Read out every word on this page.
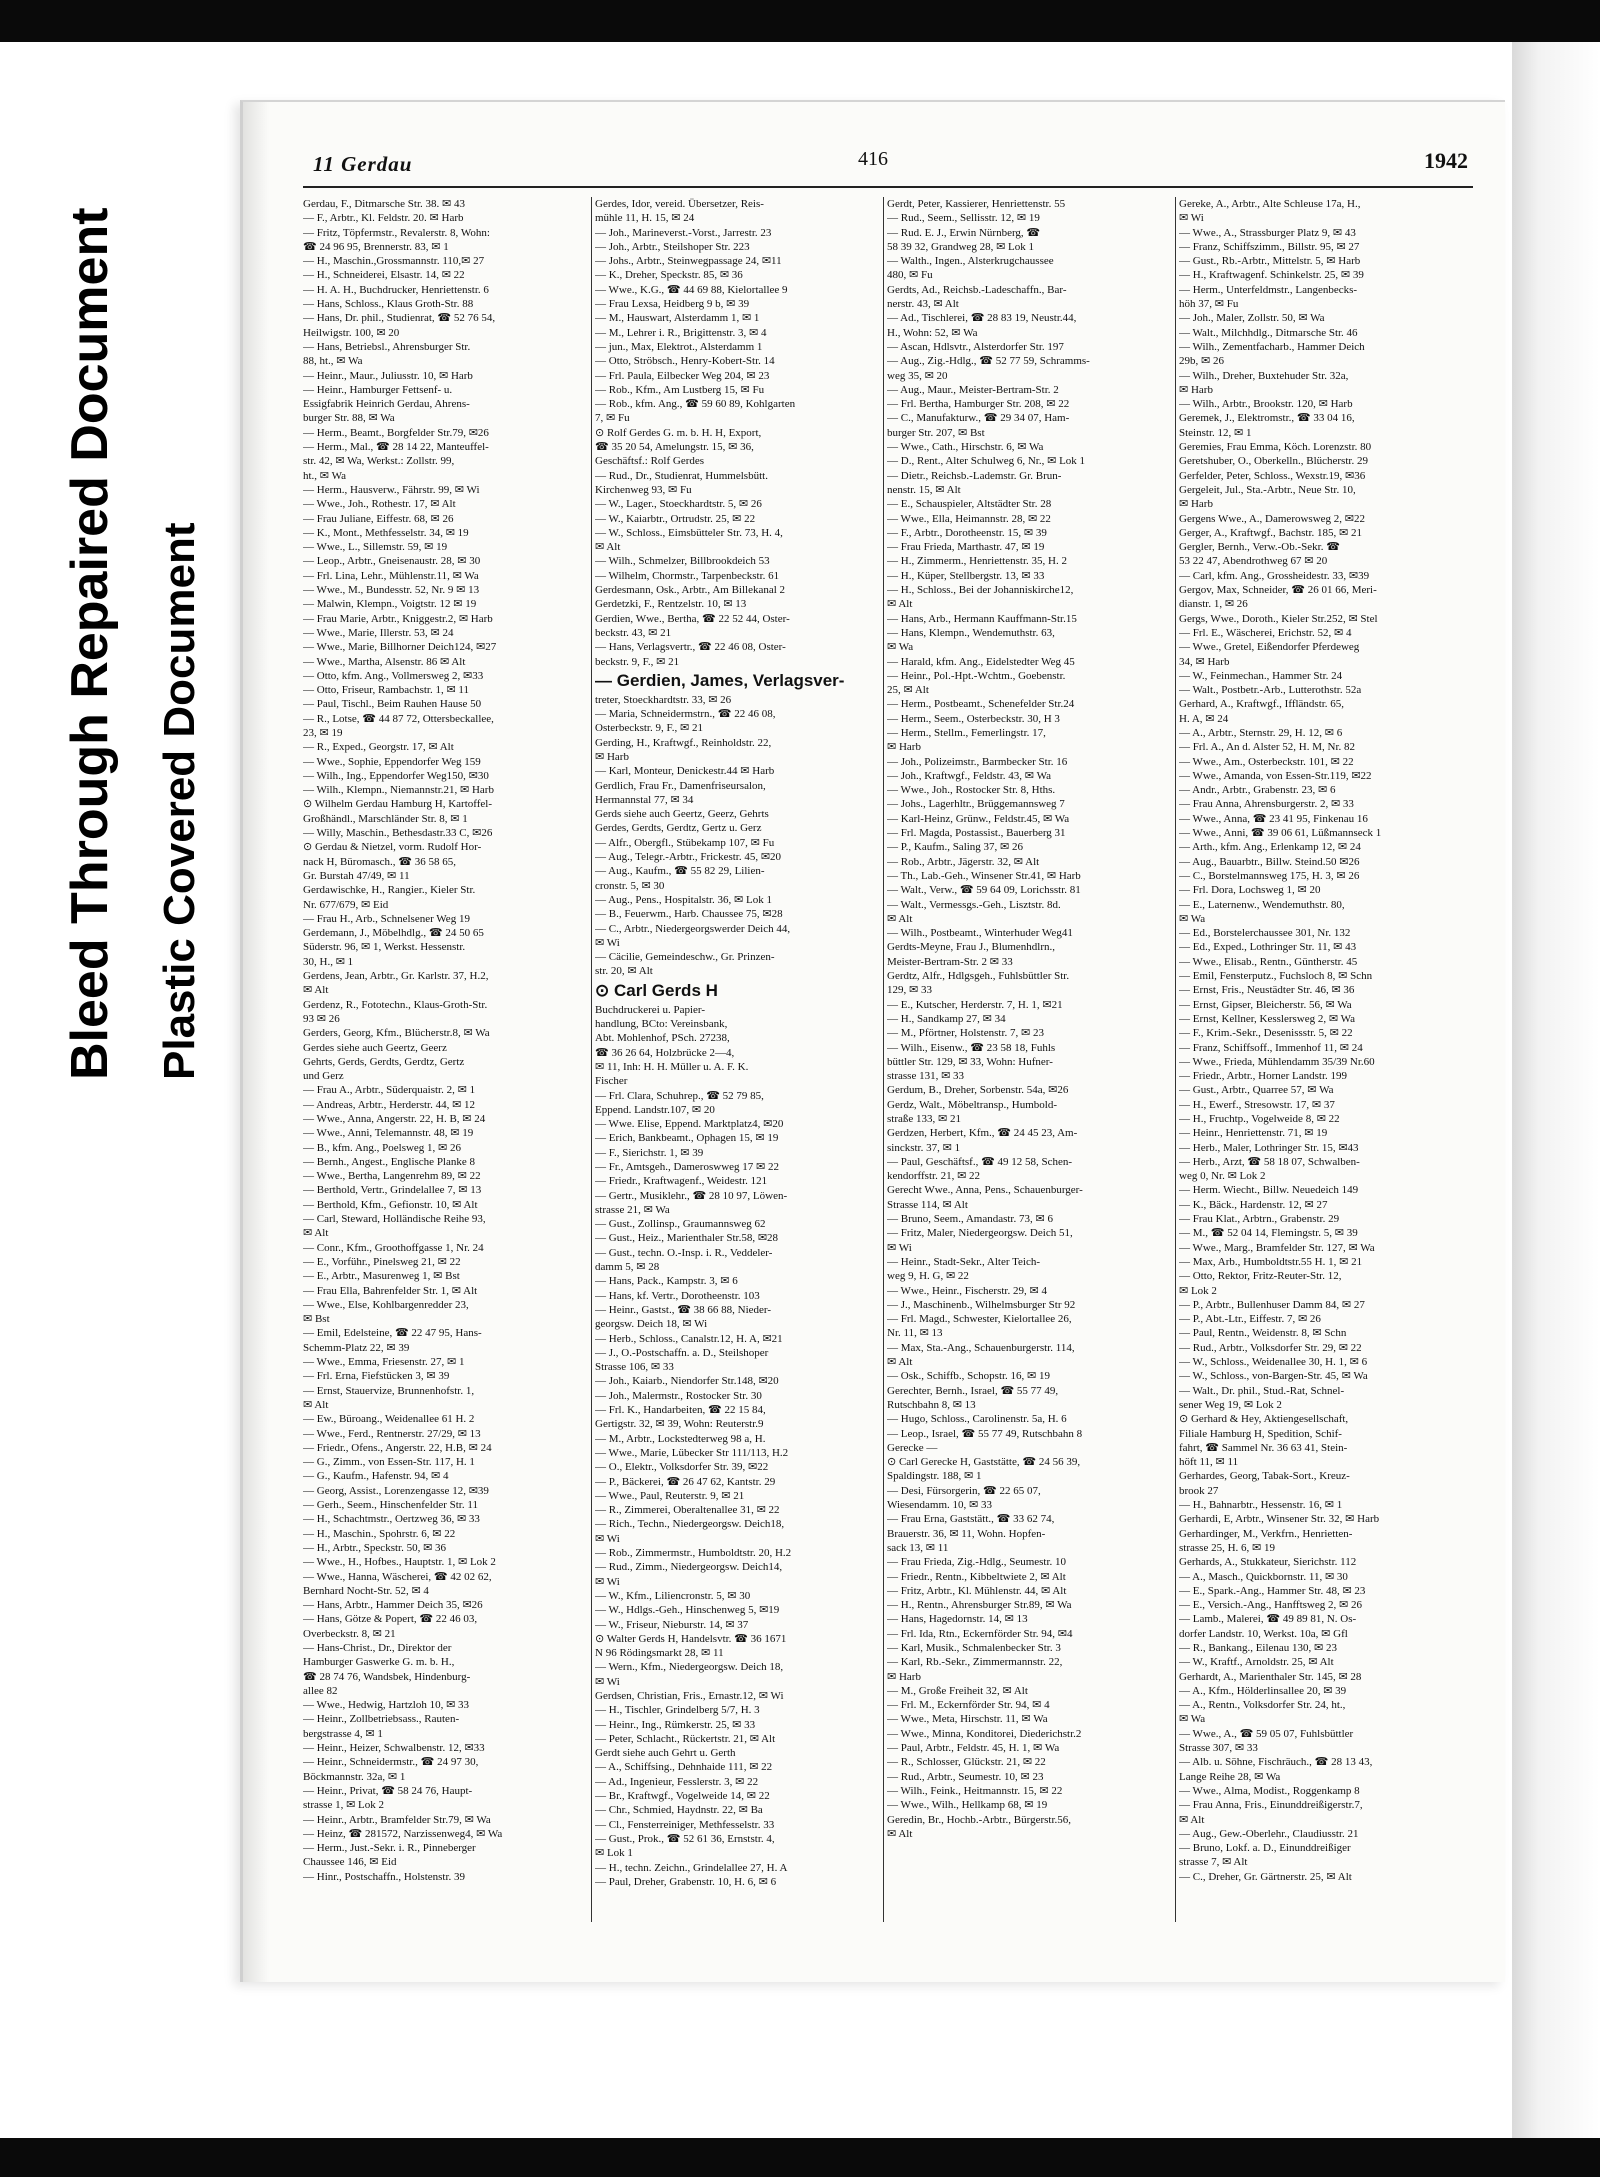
Bleed Through Repaired Document Plastic Covered Document
11 Gerdau	416	1942
Gerdau, F., Ditmarsche Str. 38. ✉ 43
— F., Arbtr., Kl. Feldstr. 20. ✉ Harb
— Fritz, Töpfermstr., Revalerstr. 8, Wohn:
☎ 24 96 95, Brennerstr. 83, ✉ 1
— H., Maschin.,Grossmannstr. 110,✉ 27
— H., Schneiderei, Elsastr. 14, ✉ 22
— H. A. H., Buchdrucker, Henriettenstr. 6
— Hans, Schloss., Klaus Groth-Str. 88
— Hans, Dr. phil., Studienrat, ☎ 52 76 54,
Heilwigstr. 100, ✉ 20
— Hans, Betriebsl., Ahrensburger Str.
88, ht., ✉ Wa
— Heinr., Maur., Juliusstr. 10, ✉ Harb
— Heinr., Hamburger Fettsenf- u.
Essigfabrik Heinrich Gerdau, Ahrens-
burger Str. 88, ✉ Wa
— Herm., Beamt., Borgfelder Str.79, ✉26
— Herm., Mal., ☎ 28 14 22, Manteuffel-
str. 42, ✉ Wa, Werkst.: Zollstr. 99,
ht., ✉ Wa
— Herm., Hausverw., Fährstr. 99, ✉ Wi
— Wwe., Joh., Rothestr. 17, ✉ Alt
— Frau Juliane, Eiffestr. 68, ✉ 26
— K., Mont., Methfesselstr. 34, ✉ 19
— Wwe., L., Sillemstr. 59, ✉ 19
— Leop., Arbtr., Gneisenaustr. 28, ✉ 30
— Frl. Lina, Lehr., Mühlenstr.11, ✉ Wa
— Wwe., M., Bundesstr. 52, Nr. 9 ✉ 13
— Malwin, Klempn., Voigtstr. 12 ✉ 19
— Frau Marie, Arbtr., Kniggestr.2, ✉ Harb
— Wwe., Marie, Illerstr. 53, ✉ 24
— Wwe., Marie, Billhorner Deich124, ✉27
— Wwe., Martha, Alsenstr. 86 ✉ Alt
— Otto, kfm. Ang., Vollmersweg 2, ✉33
— Otto, Friseur, Rambachstr. 1, ✉ 11
— Paul, Tischl., Beim Rauhen Hause 50
— R., Lotse, ☎ 44 87 72, Ottersbeckallee,
23, ✉ 19
— R., Exped., Georgstr. 17, ✉ Alt
— Wwe., Sophie, Eppendorfer Weg 159
— Wilh., Ing., Eppendorfer Weg150, ✉30
— Wilh., Klempn., Niemannstr.21, ✉ Harb
⊙ Wilhelm Gerdau Hamburg H, Kartoffel-
Großhändl., Marschländer Str. 8, ✉ 1
— Willy, Maschin., Bethesdastr.33 C, ✉26
⊙ Gerdau & Nietzel, vorm. Rudolf Hor-
nack H, Büromasch., ☎ 36 58 65,
Gr. Burstah 47/49, ✉ 11
Gerdawischke, H., Rangier., Kieler Str.
Nr. 677/679, ✉ Eid
— Frau H., Arb., Schnelsener Weg 19
Gerdemann, J., Möbelhdlg., ☎ 24 50 65
Süderstr. 96, ✉ 1, Werkst. Hessenstr.
30, H., ✉ 1
Gerdens, Jean, Arbtr., Gr. Karlstr. 37, H.2,
✉ Alt
Gerdenz, R., Fototechn., Klaus-Groth-Str.
93 ✉ 26
Gerders, Georg, Kfm., Blücherstr.8, ✉ Wa
Gerdes siehe auch Geertz, Geerz
Gehrts, Gerds, Gerdts, Gerdtz, Gertz
und Gerz
— Frau A., Arbtr., Süderquaistr. 2, ✉ 1
— Andreas, Arbtr., Herderstr. 44, ✉ 12
— Wwe., Anna, Angerstr. 22, H. B, ✉ 24
— Wwe., Anni, Telemannstr. 48, ✉ 19
— B., kfm. Ang., Poelsweg 1, ✉ 26
— Bernh., Angest., Englische Planke 8
— Wwe., Bertha, Langenrehm 89, ✉ 22
— Berthold, Vertr., Grindelallee 7, ✉ 13
— Berthold, Kfm., Gefionstr. 10, ✉ Alt
— Carl, Steward, Holländische Reihe 93,
✉ Alt
— Conr., Kfm., Groothoffgasse 1, Nr. 24
— E., Vorführ., Pinelsweg 21, ✉ 22
— E., Arbtr., Masurenweg 1, ✉ Bst
— Frau Ella, Bahrenfelder Str. 1, ✉ Alt
— Wwe., Else, Kohlbargenredder 23,
✉ Bst
— Emil, Edelsteine, ☎ 22 47 95, Hans-
Schemm-Platz 22, ✉ 39
— Wwe., Emma, Friesenstr. 27, ✉ 1
— Frl. Erna, Fiefstücken 3, ✉ 39
— Ernst, Stauervize, Brunnenhofstr. 1,
✉ Alt
— Ew., Büroang., Weidenallee 61 H. 2
— Wwe., Ferd., Rentnerstr. 27/29, ✉ 13
— Friedr., Ofens., Angerstr. 22, H.B, ✉ 24
— G., Zimm., von Essen-Str. 117, H. 1
— G., Kaufm., Hafenstr. 94, ✉ 4
— Georg, Assist., Lorenzengasse 12, ✉39
— Gerh., Seem., Hinschenfelder Str. 11
— H., Schachtmstr., Oertzweg 36, ✉ 33
— H., Maschin., Spohrstr. 6, ✉ 22
— H., Arbtr., Speckstr. 50, ✉ 36
— Wwe., H., Hofbes., Hauptstr. 1, ✉ Lok 2
— Wwe., Hanna, Wäscherei, ☎ 42 02 62,
Bernhard Nocht-Str. 52, ✉ 4
— Hans, Arbtr., Hammer Deich 35, ✉26
— Hans, Götze & Popert, ☎ 22 46 03,
Overbeckstr. 8, ✉ 21
— Hans-Christ., Dr., Direktor der
Hamburger Gaswerke G. m. b. H.,
☎ 28 74 76, Wandsbek, Hindenburg-
allee 82
— Wwe., Hedwig, Hartzloh 10, ✉ 33
— Heinr., Zollbetriebsass., Rauten-
bergstrasse 4, ✉ 1
— Heinr., Heizer, Schwalbenstr. 12, ✉33
— Heinr., Schneidermstr., ☎ 24 97 30,
Böckmannstr. 32a, ✉ 1
— Heinr., Privat, ☎ 58 24 76, Haupt-
strasse 1, ✉ Lok 2
— Heinr., Arbtr., Bramfelder Str.79, ✉ Wa
— Heinz, ☎ 281572, Narzissenweg4, ✉ Wa
— Herm., Just.-Sekr. i. R., Pinneberger
Chaussee 146, ✉ Eid
— Hinr., Postschaffn., Holstenstr. 39
Gerdes, Idor, vereid. Übersetzer, Reis-
mühle 11, H. 15, ✉ 24
— Joh., Marineverst.-Vorst., Jarrestr. 23
— Joh., Arbtr., Steilshoper Str. 223
— Johs., Arbtr., Steinwegpassage 24, ✉11
— K., Dreher, Speckstr. 85, ✉ 36
— Wwe., K.G., ☎ 44 69 88, Kielortallee 9
— Frau Lexsa, Heidberg 9 b, ✉ 39
— M., Hauswart, Alsterdamm 1, ✉ 1
— M., Lehrer i. R., Brigittenstr. 3, ✉ 4
— jun., Max, Elektrot., Alsterdamm 1
— Otto, Ströbsch., Henry-Kobert-Str. 14
— Frl. Paula, Eilbecker Weg 204, ✉ 23
— Rob., Kfm., Am Lustberg 15, ✉ Fu
— Rob., kfm. Ang., ☎ 59 60 89, Kohlgarten
7, ✉ Fu
⊙ Rolf Gerdes G. m. b. H. H, Export,
☎ 35 20 54, Amelungstr. 15, ✉ 36,
Geschäftsf.: Rolf Gerdes
— Rud., Dr., Studienrat, Hummelsbütt.
Kirchenweg 93, ✉ Fu
— W., Lager., Stoeckhardtstr. 5, ✉ 26
— W., Kaiarbtr., Ortrudstr. 25, ✉ 22
— W., Schloss., Eimsbütteler Str. 73, H. 4,
✉ Alt
— Wilh., Schmelzer, Billbrookdeich 53
— Wilhelm, Chormstr., Tarpenbeckstr. 61
Gerdesmann, Osk., Arbtr., Am Billekanal 2
Gerdetzki, F., Rentzelstr. 10, ✉ 13
Gerdien, Wwe., Bertha, ☎ 22 52 44, Oster-
beckstr. 43, ✉ 21
— Hans, Verlagsvertr., ☎ 22 46 08, Oster-
beckstr. 9, F., ✉ 21
— Gerdien, James, Verlagsver-
treter, Stoeckhardtstr. 33, ✉ 26
— Maria, Schneidermstrn., ☎ 22 46 08,
Osterbeckstr. 9, F., ✉ 21
Gerding, H., Kraftwgf., Reinholdstr. 22,
✉ Harb
— Karl, Monteur, Denickestr.44 ✉ Harb
Gerdlich, Frau Fr., Damenfriseursalon,
Hermannstal 77, ✉ 34
Gerds siehe auch Geertz, Geerz, Gehrts
Gerdes, Gerdts, Gerdtz, Gertz u. Gerz
— Alfr., Obergfl., Stübekamp 107, ✉ Fu
— Aug., Telegr.-Arbtr., Frickestr. 45, ✉20
— Aug., Kaufm., ☎ 55 82 29, Lilien-
cronstr. 5, ✉ 30
— Aug., Pens., Hospitalstr. 36, ✉ Lok 1
— B., Feuerwm., Harb. Chaussee 75, ✉28
— C., Arbtr., Niedergeorgswerder Deich 44,
✉ Wi
— Cäcilie, Gemeindeschw., Gr. Prinzen-
str. 20, ✉ Alt
⊙ Carl Gerds H
Buchdruckerei u. Papier-
handlung, BCto: Vereinsbank,
Abt. Mohlenhof, PSch. 27238,
☎ 36 26 64, Holzbrücke 2—4,
✉ 11, Inh: H. H. Müller u. A. F. K.
Fischer
— Frl. Clara, Schuhrep., ☎ 52 79 85,
Eppend. Landstr.107, ✉ 20
— Wwe. Elise, Eppend. Marktplatz4, ✉20
— Erich, Bankbeamt., Ophagen 15, ✉ 19
— F., Sierichstr. 1, ✉ 39
— Fr., Amtsgeh., Dameroswweg 17 ✉ 22
— Friedr., Kraftwagenf., Weidestr. 121
— Gertr., Musiklehr., ☎ 28 10 97, Löwen-
strasse 21, ✉ Wa
— Gust., Zollinsp., Graumannsweg 62
— Gust., Heiz., Marienthaler Str.58, ✉28
— Gust., techn. O.-Insp. i. R., Veddeler-
damm 5, ✉ 28
— Hans, Pack., Kampstr. 3, ✉ 6
— Hans, kf. Vertr., Dorotheenstr. 103
— Heinr., Gastst., ☎ 38 66 88, Nieder-
georgsw. Deich 18, ✉ Wi
— Herb., Schloss., Canalstr.12, H. A, ✉21
— J., O.-Postschaffn. a. D., Steilshoper
Strasse 106, ✉ 33
— Joh., Kaiarb., Niendorfer Str.148, ✉20
— Joh., Malermstr., Rostocker Str. 30
— Frl. K., Handarbeiten, ☎ 22 15 84,
Gertigstr. 32, ✉ 39, Wohn: Reuterstr.9
— M., Arbtr., Lockstedterweg 98 a, H.
— Wwe., Marie, Lübecker Str 111/113, H.2
— O., Elektr., Volksdorfer Str. 39, ✉22
— P., Bäckerei, ☎ 26 47 62, Kantstr. 29
— Wwe., Paul, Reuterstr. 9, ✉ 21
— R., Zimmerei, Oberaltenallee 31, ✉ 22
— Rich., Techn., Niedergeorgsw. Deich18,
✉ Wi
— Rob., Zimmermstr., Humboldtstr. 20, H.2
— Rud., Zimm., Niedergeorgsw. Deich14,
✉ Wi
— W., Kfm., Liliencronstr. 5, ✉ 30
— W., Hdlgs.-Geh., Hinschenweg 5, ✉19
— W., Friseur, Nieburstr. 14, ✉ 37
⊙ Walter Gerds H, Handelsvtr. ☎ 36 1671
N 96 Rödingsmarkt 28, ✉ 11
— Wern., Kfm., Niedergeorgsw. Deich 18,
✉ Wi
Gerdsen, Christian, Fris., Ernastr.12, ✉ Wi
— H., Tischler, Grindelberg 5/7, H. 3
— Heinr., Ing., Rümkerstr. 25, ✉ 33
— Peter, Schlacht., Rückertstr. 21, ✉ Alt
Gerdt siehe auch Gehrt u. Gerth
— A., Schiffsing., Dehnhaide 111, ✉ 22
— Ad., Ingenieur, Fesslerstr. 3, ✉ 22
— Br., Kraftwgf., Vogelweide 14, ✉ 22
— Chr., Schmied, Haydnstr. 22, ✉ Ba
— Cl., Fensterreiniger, Methfesselstr. 33
— Gust., Prok., ☎ 52 61 36, Ernststr. 4,
✉ Lok 1
— H., techn. Zeichn., Grindelallee 27, H. A
— Paul, Dreher, Grabenstr. 10, H. 6, ✉ 6
Gerdt, Peter, Kassierer, Henriettenstr. 55
— Rud., Seem., Sellisstr. 12, ✉ 19
— Rud. E. J., Erwin Nürnberg, ☎
58 39 32, Grandweg 28, ✉ Lok 1
— Walth., Ingen., Alsterkrugchaussee
480, ✉ Fu
Gerdts, Ad., Reichsb.-Ladeschaffn., Bar-
nerstr. 43, ✉ Alt
— Ad., Tischlerei, ☎ 28 83 19, Neustr.44,
H., Wohn: 52, ✉ Wa
— Ascan, Hdlsvtr., Alsterdorfer Str. 197
— Aug., Zig.-Hdlg., ☎ 52 77 59, Schramms-
weg 35, ✉ 20
— Aug., Maur., Meister-Bertram-Str. 2
— Frl. Bertha, Hamburger Str. 208, ✉ 22
— C., Manufakturw., ☎ 29 34 07, Ham-
burger Str. 207, ✉ Bst
— Wwe., Cath., Hirschstr. 6, ✉ Wa
— D., Rent., Alter Schulweg 6, Nr., ✉ Lok 1
— Dietr., Reichsb.-Lademstr. Gr. Brun-
nenstr. 15, ✉ Alt
— E., Schauspieler, Altstädter Str. 28
— Wwe., Ella, Heimannstr. 28, ✉ 22
— F., Arbtr., Dorotheenstr. 15, ✉ 39
— Frau Frieda, Marthastr. 47, ✉ 19
— H., Zimmerm., Henriettenstr. 35, H. 2
— H., Küper, Stellbergstr. 13, ✉ 33
— H., Schloss., Bei der Johanniskirche12,
✉ Alt
— Hans, Arb., Hermann Kauffmann-Str.15
— Hans, Klempn., Wendemuthstr. 63,
✉ Wa
— Harald, kfm. Ang., Eidelstedter Weg 45
— Heinr., Pol.-Hpt.-Wchtm., Goebenstr.
25, ✉ Alt
— Herm., Postbeamt., Schenefelder Str.24
— Herm., Seem., Osterbeckstr. 30, H 3
— Herm., Stellm., Femerlingstr. 17,
✉ Harb
— Joh., Polizeimstr., Barmbecker Str. 16
— Joh., Kraftwgf., Feldstr. 43, ✉ Wa
— Wwe., Joh., Rostocker Str. 8, Hths.
— Johs., Lagerhltr., Brüggemannsweg 7
— Karl-Heinz, Grünw., Feldstr.45, ✉ Wa
— Frl. Magda, Postassist., Bauerberg 31
— P., Kaufm., Saling 37, ✉ 26
— Rob., Arbtr., Jägerstr. 32, ✉ Alt
— Th., Lab.-Geh., Winsener Str.41, ✉ Harb
— Walt., Verw., ☎ 59 64 09, Lorichsstr. 81
— Walt., Vermessgs.-Geh., Lisztstr. 8d.
✉ Alt
— Wilh., Postbeamt., Winterhuder Weg41
Gerdts-Meyne, Frau J., Blumenhdlrn.,
Meister-Bertram-Str. 2 ✉ 33
Gerdtz, Alfr., Hdlgsgeh., Fuhlsbüttler Str.
129, ✉ 33
— E., Kutscher, Herderstr. 7, H. 1, ✉21
— H., Sandkamp 27, ✉ 34
— M., Pförtner, Holstenstr. 7, ✉ 23
— Wilh., Eisenw., ☎ 23 58 18, Fuhls
büttler Str. 129, ✉ 33, Wohn: Hufner-
strasse 131, ✉ 33
Gerdum, B., Dreher, Sorbenstr. 54a, ✉26
Gerdz, Walt., Möbeltransp., Humbold-
straße 133, ✉ 21
Gerdzen, Herbert, Kfm., ☎ 24 45 23, Am-
sinckstr. 37, ✉ 1
— Paul, Geschäftsf., ☎ 49 12 58, Schen-
kendorffstr. 21, ✉ 22
Gerecht Wwe., Anna, Pens., Schauenburger-
Strasse 114, ✉ Alt
— Bruno, Seem., Amandastr. 73, ✉ 6
— Fritz, Maler, Niedergeorgsw. Deich 51,
✉ Wi
— Heinr., Stadt-Sekr., Alter Teich-
weg 9, H. G, ✉ 22
— Wwe., Heinr., Fischerstr. 29, ✉ 4
— J., Maschinenb., Wilhelmsburger Str 92
— Frl. Magd., Schwester, Kielortallee 26,
Nr. 11, ✉ 13
— Max, Sta.-Ang., Schauenburgerstr. 114,
✉ Alt
— Osk., Schiffb., Schopstr. 16, ✉ 19
Gerechter, Bernh., Israel, ☎ 55 77 49,
Rutschbahn 8, ✉ 13
— Hugo, Schloss., Carolinenstr. 5a, H. 6
— Leop., Israel, ☎ 55 77 49, Rutschbahn 8
Gerecke —
⊙ Carl Gerecke H, Gaststätte, ☎ 24 56 39,
Spaldingstr. 188, ✉ 1
— Desi, Fürsorgerin, ☎ 22 65 07,
Wiesendamm. 10, ✉ 33
— Frau Erna, Gaststätt., ☎ 33 62 74,
Brauerstr. 36, ✉ 11, Wohn. Hopfen-
sack 13, ✉ 11
— Frau Frieda, Zig.-Hdlg., Seumestr. 10
— Friedr., Rentn., Kibbeltwiete 2, ✉ Alt
— Fritz, Arbtr., Kl. Mühlenstr. 44, ✉ Alt
— H., Rentn., Ahrensburger Str.89, ✉ Wa
— Hans, Hagedornstr. 14, ✉ 13
— Frl. Ida, Rtn., Eckernförder Str. 94, ✉4
— Karl, Musik., Schmalenbecker Str. 3
— Karl, Rb.-Sekr., Zimmermannstr. 22,
✉ Harb
— M., Große Freiheit 32, ✉ Alt
— Frl. M., Eckernförder Str. 94, ✉ 4
— Wwe., Meta, Hirschstr. 11, ✉ Wa
— Wwe., Minna, Konditorei, Diederichstr.2
— Paul, Arbtr., Feldstr. 45, H. 1, ✉ Wa
— R., Schlosser, Glückstr. 21, ✉ 22
— Rud., Arbtr., Seumestr. 10, ✉ 23
— Wilh., Feink., Heitmannstr. 15, ✉ 22
— Wwe., Wilh., Hellkamp 68, ✉ 19
Geredin, Br., Hochb.-Arbtr., Bürgerstr.56,
✉ Alt
Gereke, A., Arbtr., Alte Schleuse 17a, H.,
✉ Wi
— Wwe., A., Strassburger Platz 9, ✉ 43
— Franz, Schiffszimm., Billstr. 95, ✉ 27
— Gust., Rb.-Arbtr., Mittelstr. 5, ✉ Harb
— H., Kraftwagenf. Schinkelstr. 25, ✉ 39
— Herm., Unterfeldmstr., Langenbecks-
höh 37, ✉ Fu
— Joh., Maler, Zollstr. 50, ✉ Wa
— Walt., Milchhdlg., Ditmarsche Str. 46
— Wilh., Zementfacharb., Hammer Deich
29b, ✉ 26
— Wilh., Dreher, Buxtehuder Str. 32a,
✉ Harb
— Wilh., Arbtr., Brookstr. 120, ✉ Harb
Geremek, J., Elektromstr., ☎ 33 04 16,
Steinstr. 12, ✉ 1
Geremies, Frau Emma, Köch. Lorenzstr. 80
Geretshuber, O., Oberkelln., Blücherstr. 29
Gerfelder, Peter, Schloss., Wexstr.19, ✉36
Gergeleit, Jul., Sta.-Arbtr., Neue Str. 10,
✉ Harb
Gergens Wwe., A., Damerowsweg 2, ✉22
Gerger, A., Kraftwgf., Bachstr. 185, ✉ 21
Gergler, Bernh., Verw.-Ob.-Sekr. ☎
53 22 47, Abendrothweg 67 ✉ 20
— Carl, kfm. Ang., Grossheidestr. 33, ✉39
Gergov, Max, Schneider, ☎ 26 01 66, Meri-
dianstr. 1, ✉ 26
Gergs, Wwe., Doroth., Kieler Str.252, ✉ Stel
— Frl. E., Wäscherei, Erichstr. 52, ✉ 4
— Wwe., Gretel, Eißendorfer Pferdeweg
34, ✉ Harb
— W., Feinmechan., Hammer Str. 24
— Walt., Postbetr.-Arb., Lutterothstr. 52a
Gerhard, A., Kraftwgf., Iffländstr. 65,
H. A, ✉ 24
— A., Arbtr., Sternstr. 29, H. 12, ✉ 6
— Frl. A., An d. Alster 52, H. M, Nr. 82
— Wwe., Am., Osterbeckstr. 101, ✉ 22
— Wwe., Amanda, von Essen-Str.119, ✉22
— Andr., Arbtr., Grabenstr. 23, ✉ 6
— Frau Anna, Ahrensburgerstr. 2, ✉ 33
— Wwe., Anna, ☎ 23 41 95, Finkenau 16
— Wwe., Anni, ☎ 39 06 61, Lüßmannseck 1
— Arth., kfm. Ang., Erlenkamp 12, ✉ 24
— Aug., Bauarbtr., Billw. Steind.50 ✉26
— C., Borstelmannsweg 175, H. 3, ✉ 26
— Frl. Dora, Lochsweg 1, ✉ 20
— E., Laternenw., Wendemuthstr. 80,
✉ Wa
— Ed., Borstelerchaussee 301, Nr. 132
— Ed., Exped., Lothringer Str. 11, ✉ 43
— Wwe., Elisab., Rentn., Güntherstr. 45
— Emil, Fensterputz., Fuchsloch 8, ✉ Schn
— Ernst, Fris., Neustädter Str. 46, ✉ 36
— Ernst, Gipser, Bleicherstr. 56, ✉ Wa
— Ernst, Kellner, Kesslersweg 2, ✉ Wa
— F., Krim.-Sekr., Desenissstr. 5, ✉ 22
— Franz, Schiffsoff., Immenhof 11, ✉ 24
— Wwe., Frieda, Mühlendamm 35/39 Nr.60
— Friedr., Arbtr., Horner Landstr. 199
— Gust., Arbtr., Quarree 57, ✉ Wa
— H., Ewerf., Stresowstr. 17, ✉ 37
— H., Fruchtp., Vogelweide 8, ✉ 22
— Heinr., Henriettenstr. 71, ✉ 19
— Herb., Maler, Lothringer Str. 15, ✉43
— Herb., Arzt, ☎ 58 18 07, Schwalben-
weg 0, Nr. ✉ Lok 2
— Herm. Wiecht., Billw. Neuedeich 149
— K., Bäck., Hardenstr. 12, ✉ 27
— Frau Klat., Arbtrn., Grabenstr. 29
— M., ☎ 52 04 14, Flemingstr. 5, ✉ 39
— Wwe., Marg., Bramfelder Str. 127, ✉ Wa
— Max, Arb., Humboldtstr.55 H. 1, ✉ 21
— Otto, Rektor, Fritz-Reuter-Str. 12,
✉ Lok 2
— P., Arbtr., Bullenhuser Damm 84, ✉ 27
— P., Abt.-Ltr., Eiffestr. 7, ✉ 26
— Paul, Rentn., Weidenstr. 8, ✉ Schn
— Rud., Arbtr., Volksdorfer Str. 29, ✉ 22
— W., Schloss., Weidenallee 30, H. 1, ✉ 6
— W., Schloss., von-Bargen-Str. 45, ✉ Wa
— Walt., Dr. phil., Stud.-Rat, Schnel-
sener Weg 19, ✉ Lok 2
⊙ Gerhard & Hey, Aktiengesellschaft,
Filiale Hamburg H, Spedition, Schif-
fahrt, ☎ Sammel Nr. 36 63 41, Stein-
höft 11, ✉ 11
Gerhardes, Georg, Tabak-Sort., Kreuz-
brook 27
— H., Bahnarbtr., Hessenstr. 16, ✉ 1
Gerhardi, E, Arbtr., Winsener Str. 32, ✉ Harb
Gerhardinger, M., Verkfrn., Henrietten-
strasse 25, H. 6, ✉ 19
Gerhards, A., Stukkateur, Sierichstr. 112
— A., Masch., Quickbornstr. 11, ✉ 30
— E., Spark.-Ang., Hammer Str. 48, ✉ 23
— E., Versich.-Ang., Hanfftsweg 2, ✉ 26
— Lamb., Malerei, ☎ 49 89 81, N. Os-
dorfer Landstr. 10, Werkst. 10a, ✉ Gfl
— R., Bankang., Eilenau 130, ✉ 23
— W., Kraftf., Arnoldstr. 25, ✉ Alt
Gerhardt, A., Marienthaler Str. 145, ✉ 28
— A., Kfm., Hölderlinsallee 20, ✉ 39
— A., Rentn., Volksdorfer Str. 24, ht.,
✉ Wa
— Wwe., A., ☎ 59 05 07, Fuhlsbüttler
Strasse 307, ✉ 33
— Alb. u. Söhne, Fischräuch., ☎ 28 13 43,
Lange Reihe 28, ✉ Wa
— Wwe., Alma, Modist., Roggenkamp 8
— Frau Anna, Fris., Einunddreißigerstr.7,
✉ Alt
— Aug., Gew.-Oberlehr., Claudiusstr. 21
— Bruno, Lokf. a. D., Einunddreißiger
strasse 7, ✉ Alt
— C., Dreher, Gr. Gärtnerstr. 25, ✉ Alt
